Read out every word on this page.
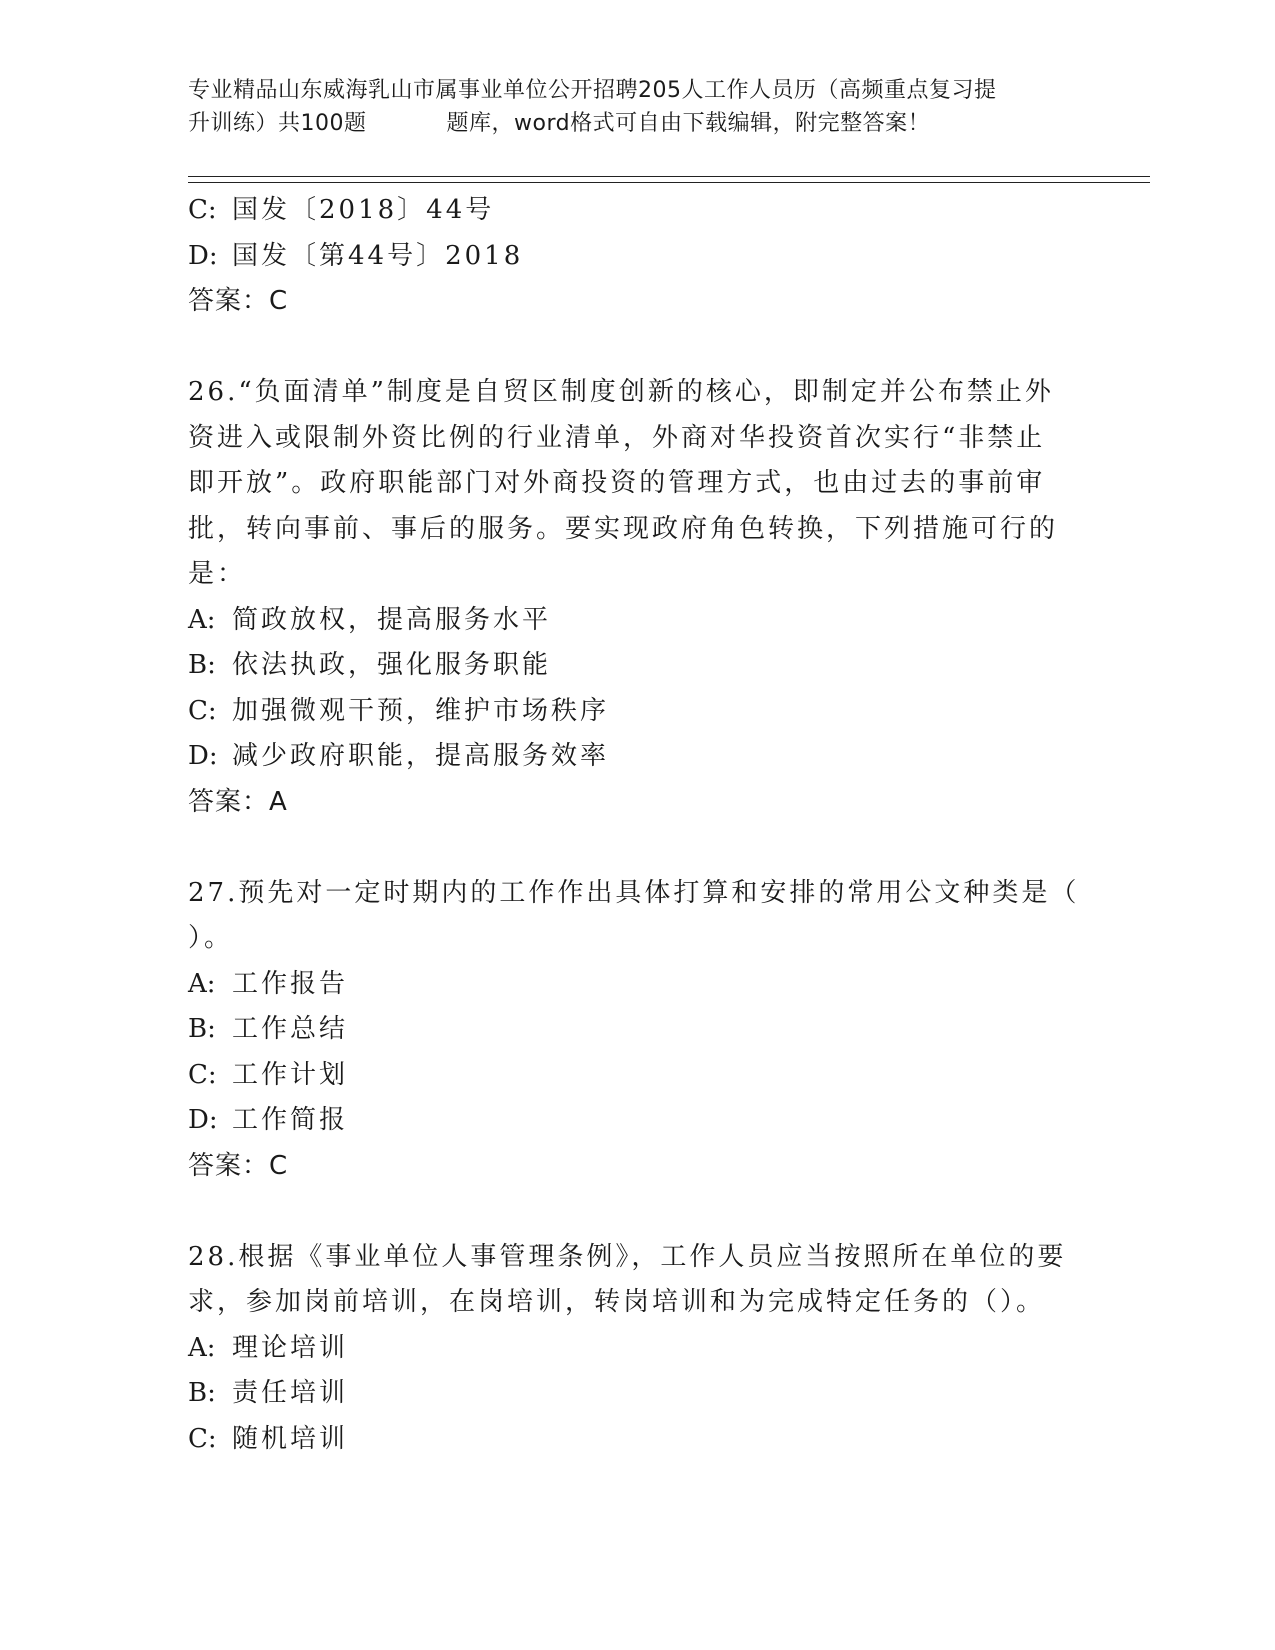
专业精品山东威海乳山市属事业单位公开招聘205人工作人员历（高频重点复习提
升训练）共100题	题库，word格式可自由下载编辑，附完整答案！
C: 国发〔2018〕44号
D: 国发〔第44号〕2018
答案：C
26.“负面清单”制度是自贸区制度创新的核心，即制定并公布禁止外
资进入或限制外资比例的行业清单，外商对华投资首次实行“非禁止
即开放”。政府职能部门对外商投资的管理方式，也由过去的事前审
批，转向事前、事后的服务。要实现政府角色转换，下列措施可行的
是：
A: 简政放权，提高服务水平
B: 依法执政，强化服务职能
C: 加强微观干预，维护市场秩序
D: 减少政府职能，提高服务效率
答案：A
27.预先对一定时期内的工作作出具体打算和安排的常用公文种类是（
）。
A: 工作报告
B: 工作总结
C: 工作计划
D: 工作简报
答案：C
28.根据《事业单位人事管理条例》，工作人员应当按照所在单位的要
求，参加岗前培训，在岗培训，转岗培训和为完成特定任务的（）。
A: 理论培训
B: 责任培训
C: 随机培训
